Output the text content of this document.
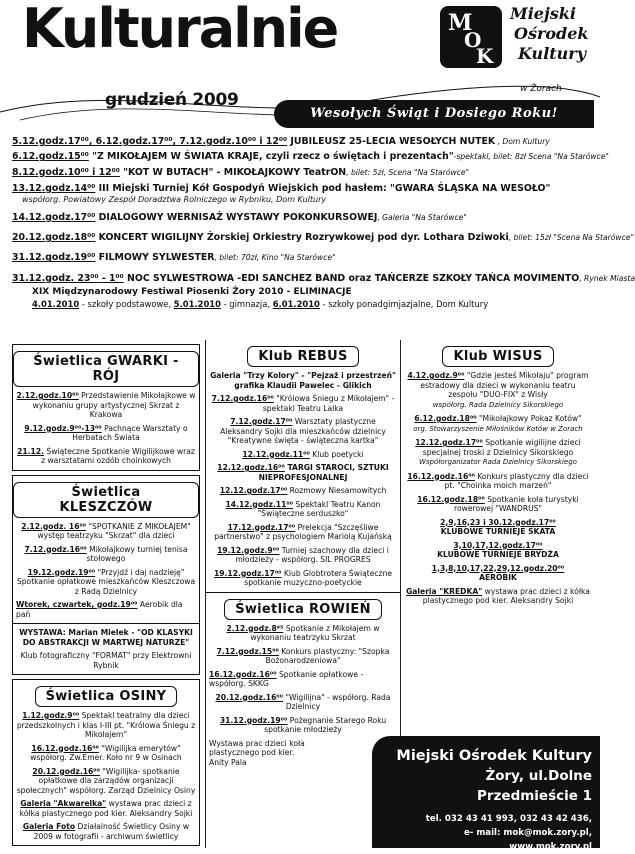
Kulturalnie
grudzień 2009
Wesołych Świąt i Dosiego Roku!
M
O
K
Miejski
Ośrodek
Kultury
w Żorach
5.12.godz.17⁰⁰, 6.12.godz.17⁰⁰, 7.12.godz.10⁰⁰ i 12⁰⁰ JUBILEUSZ 25-LECIA WESOŁYCH NUTEK , Dom Kultury
6.12.godz.15⁰⁰ "Z MIKOŁAJEM W ŚWIATA KRAJE, czyli rzecz o świętach i prezentach"-spektakl, bilet: 8zł Scena "Na Starówce"
8.12.godz.10⁰⁰ i 12⁰⁰ "KOT W BUTACH" - MIKOŁAJKOWY TeatrON, bilet: 5zł, Scena "Na Starówce"
13.12.godz.14⁰⁰ III Miejski Turniej Kół Gospodyń Wiejskich pod hasłem: "GWARA ŚLĄSKA NA WESOŁO"
współorg. Powiatowy Zespół Doradztwa Rolniczego w Rybniku, Dom Kultury
14.12.godz.17⁰⁰ DIALOGOWY WERNISAŻ WYSTAWY POKONKURSOWEJ, Galeria "Na Starówce"
20.12.godz.18⁰⁰ KONCERT WIGILIJNY Żorskiej Orkiestry Rozrywkowej pod dyr. Lothara Dziwoki, bilet: 15zł "Scena Na Starówce"
31.12.godz.19⁰⁰ FILMOWY SYLWESTER, bilet: 70zł, Kino "Na Starówce"
31.12.godz. 23⁰⁰ - 1⁰⁰ NOC SYLWESTROWA -EDI SANCHEZ BAND oraz TAŃCERZE SZKOŁY TAŃCA MOVIMENTO, Rynek Miasta
XIX Międzynarodowy Festiwal Piosenki Żory 2010 - ELIMINACJE
4.01.2010 - szkoły podstawowe, 5.01.2010 - gimnazja, 6.01.2010 - szkoły ponadgimjazjalne, Dom Kultury
Świetlica GWARKI - RÓJ
2.12.godz.10⁰⁰ Przedstawienie Mikołajkowe w wykonaniu grupy artystycznej Skrzat z Krakowa
9.12.godz.9⁰⁰-13⁰⁰ Pachnące Warsztaty o Herbatach Świata
21.12. Świąteczne Spotkanie Wigilijkowe wraz z warsztatami ozdób choinkowych
Świetlica KLESZCZÓW
2.12.godz. 16⁰⁰ "SPOTKANIE Z MIKOŁAJEM" występ teatrzyku "Skrzat" dla dzieci
7.12.godz.16⁰⁰ Mikołajkowy turniej tenisa stołowego
19.12.godz.19⁰⁰ "Przyjdź i daj nadzieję" Spotkanie opłatkowe mieszkańców Kleszczowa z Radą Dzielnicy
Wtorek, czwartek, godz.19⁰⁰ Aerobik dla pań
WYSTAWA: Marian Mielek - "OD KLASYKI DO ABSTRAKCJI W MARTWEJ NATURZE"
Klub fotograficzny "FORMAT" przy Elektrowni Rybnik
Świetlica OSINY
1.12.godz.9⁰⁰ Spektakl teatralny dla dzieci przedszkolnych i klas I-III pt. "Królowa Śniegu z Mikołajem"
16.12.godz.16⁰⁰ "Wigilijka emerytów" współorg. Zw.Emer. Koło nr 9 w Osinach
20.12.godz.16⁰⁰ "Wigilijka- spotkanie opłatkowe dla zarządów organizacji społecznych" współorg. Zarząd Dzielnicy Osiny
Galeria "Akwarelka" wystawa prac dzieci z kółka plastycznego pod kier. Aleksandry Sojki
Galeria Foto Działalność Świetlicy Osiny w 2009 w fotografii - archiwum świetlicy
Klub REBUS
Galeria "Trzy Kolory" - "Pejzaż i przestrzeń" grafika Klaudii Pawelec - Glikich
7.12.godz.16⁰⁰ "Królowa Śniegu z Mikołajem" - spektakl Teatru Lalka
7.12.godz.17⁰⁰ Warsztaty plastyczne Aleksandry Sojki dla mieszkańców dzielnicy "Kreatywne święta - świąteczna kartka"
12.12.godz.11⁰⁰ Klub poetycki
12.12.godz.16⁰⁰ TARGI STAROCI, SZTUKI NIEPROFESJONALNEJ
12.12.godz.17⁰⁰ Rozmowy Niesamowitych
14.12.godz.11⁰⁰ Spektakl Teatru Kanon "Świąteczne serduszko"
17.12.godz.17⁰⁰ Prelekcja "Szczęśliwe partnerstwo" z psychologiem Mariolą Kujańską
19.12.godz.9⁰⁰ Turniej szachowy dla dzieci i młodzieży - współorg. SIL PROGRES
19.12.godz.17⁰⁰ Klub Globtrotera Świąteczne spotkanie muzyczno-poetyckie
Świetlica ROWIEŃ
2.12.godz.8⁴⁵ Spotkanie z Mikołajem w wykonaniu teatrzyku Skrzat
7.12.godz.15⁰⁰ Konkurs plastyczny: "Szopka Bożonarodzeniowa"
16.12.godz.16⁰⁰ Spotkanie opłatkowe - współorg. SKKG
20.12.godz.16⁰⁰ "Wigilijna" - współorg. Rada Dzielnicy
31.12.godz.19⁰⁰ Pożegnanie Starego Roku spotkanie młodzieży
Wystawa prac dzieci koła plastycznego pod kier. Anity Pala
Klub WISUS
4.12.godz.9⁰⁰ "Gdzie jesteś Mikołaju" program estradowy dla dzieci w wykonaniu teatru zespołu "DUO-FIX" z Wisły
współorg. Rada Dzielnicy Sikorskiego
6.12.godz.18⁰⁰ "Mikołajkowy Pokaz Kotów"
org. Stowarzyszenie Miłośników Kotów w Żorach
12.12.godz.17⁰⁰ Spotkanie wigilijne dzieci specjalnej troski z Dzielnicy Sikorskiego
Współorganizator Rada Dzielnicy Sikorskiego
16.12.godz.16⁰⁰ Konkurs plastyczny dla dzieci pt. "Choinka moich marzeń"
16.12.godz.18⁰⁰ Spotkanie koła turystyki rowerowej "WANDRUS"
2,9,16,23 i 30.12.godz.17⁰⁰
KLUBOWE TURNIEJE SKATA
3,10,17,12.godz.17⁰⁰
KLUBOWE TURNIEJE BRYDŻA
1,3,8,10,17,22,29,12.godz.20⁰⁰
AEROBIK
Galeria "KREDKA" wystawa prac dzieci z kółka plastycznego pod kier. Aleksandry Sojki
Miejski Ośrodek Kultury
Żory, ul.Dolne Przedmieście 1
tel. 032 43 41 993, 032 43 42 436,
e- mail: mok@mok.zory.pl, www.mok.zory.pl
